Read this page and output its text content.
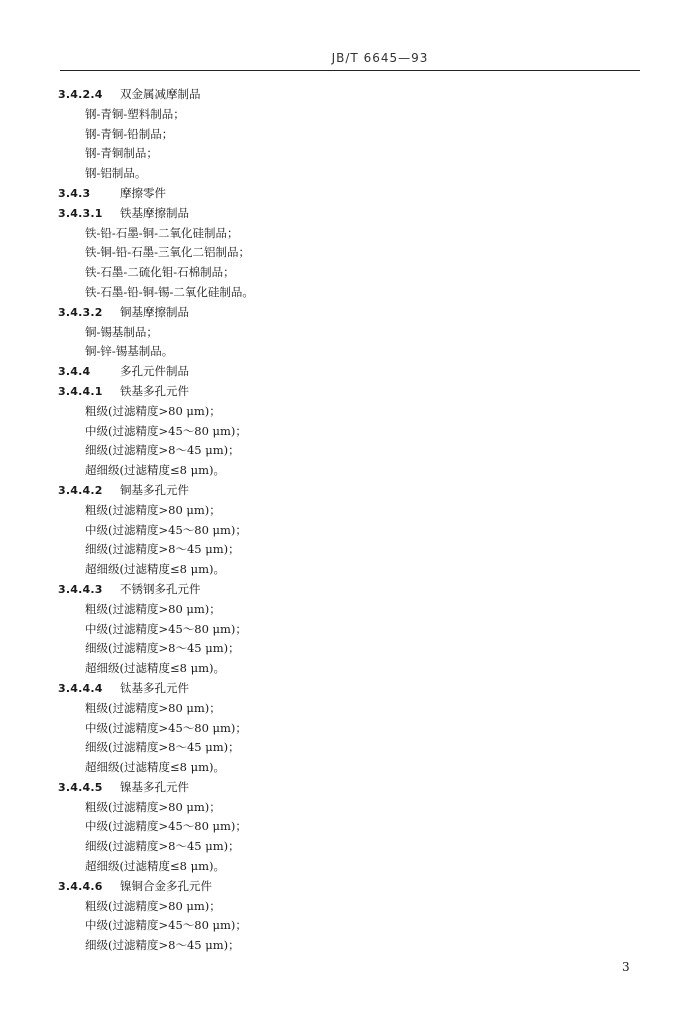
JB/T 6645—93
3.4.2.4 双金属减摩制品
钢-青铜-塑料制品；
钢-青铜-铅制品；
钢-青铜制品；
钢-铝制品。
3.4.3	摩擦零件
3.4.3.1 铁基摩擦制品
铁-铅-石墨-铜-二氧化硅制品；
铁-铜-铅-石墨-三氧化二铝制品；
铁-石墨-二硫化钼-石棉制品；
铁-石墨-铅-铜-锡-二氧化硅制品。
3.4.3.2 铜基摩擦制品
铜-锡基制品；
铜-锌-锡基制品。
3.4.4	多孔元件制品
3.4.4.1 铁基多孔元件
粗级(过滤精度>80 μm)；
中级(过滤精度>45～80 μm)；
细级(过滤精度>8～45 μm)；
超细级(过滤精度≤8 μm)。
3.4.4.2 铜基多孔元件
粗级(过滤精度>80 μm)；
中级(过滤精度>45～80 μm)；
细级(过滤精度>8～45 μm)；
超细级(过滤精度≤8 μm)。
3.4.4.3 不锈钢多孔元件
粗级(过滤精度>80 μm)；
中级(过滤精度>45～80 μm)；
细级(过滤精度>8～45 μm)；
超细级(过滤精度≤8 μm)。
3.4.4.4 钛基多孔元件
粗级(过滤精度>80 μm)；
中级(过滤精度>45～80 μm)；
细级(过滤精度>8～45 μm)；
超细级(过滤精度≤8 μm)。
3.4.4.5 镍基多孔元件
粗级(过滤精度>80 μm)；
中级(过滤精度>45～80 μm)；
细级(过滤精度>8～45 μm)；
超细级(过滤精度≤8 μm)。
3.4.4.6 镍铜合金多孔元件
粗级(过滤精度>80 μm)；
中级(过滤精度>45～80 μm)；
细级(过滤精度>8～45 μm)；
3
